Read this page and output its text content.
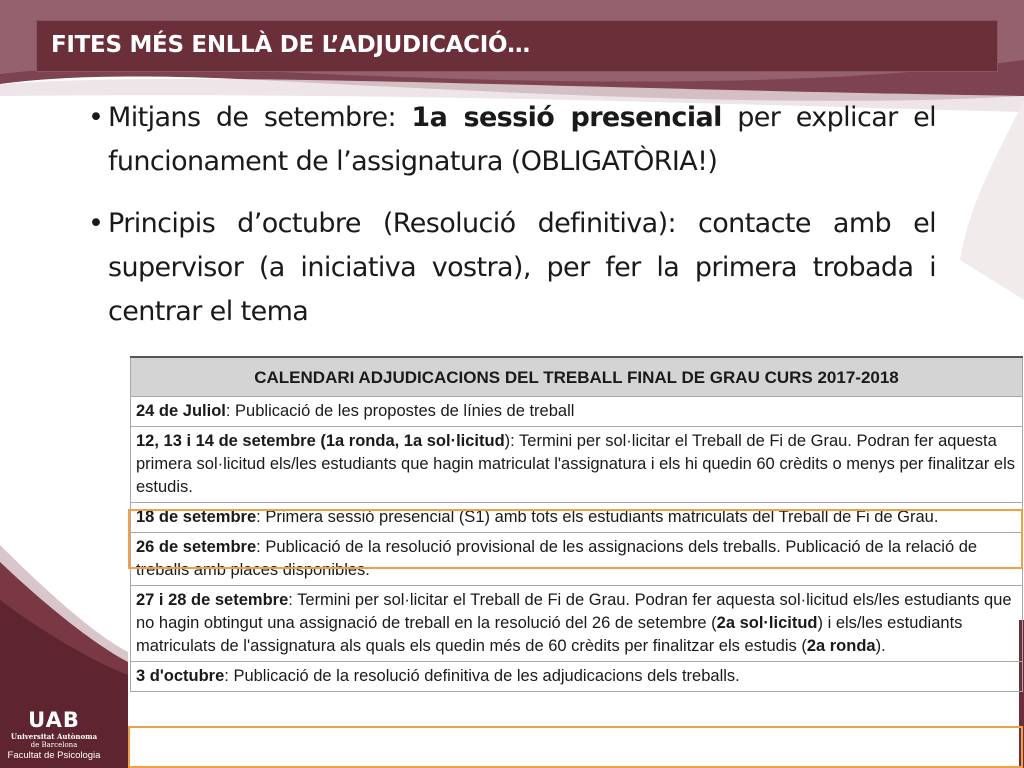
FITES MÉS ENLLÀ DE L’ADJUDICACIÓ…
• Mitjans de setembre: 1a sessió presencial per explicar el funcionament de l’assignatura (OBLIGATÒRIA!)
• Principis d’octubre (Resolució definitiva): contacte amb el supervisor (a iniciativa vostra), per fer la primera trobada i centrar el tema
CALENDARI ADJUDICACIONS DEL TREBALL FINAL DE GRAU CURS 2017-2018
24 de Juliol: Publicació de les propostes de línies de treball
12, 13 i 14 de setembre (1a ronda, 1a sol·licitud): Termini per sol·licitar el Treball de Fi de Grau. Podran fer aquesta primera sol·licitud els/les estudiants que hagin matriculat l'assignatura i els hi quedin 60 crèdits o menys per finalitzar els estudis.
18 de setembre: Primera sessió presencial (S1) amb tots els estudiants matriculats del Treball de Fi de Grau.
26 de setembre: Publicació de la resolució provisional de les assignacions dels treballs. Publicació de la relació de treballs amb places disponibles.
27 i 28 de setembre: Termini per sol·licitar el Treball de Fi de Grau. Podran fer aquesta sol·licitud els/les estudiants que no hagin obtingut una assignació de treball en la resolució del 26 de setembre (2a sol·licitud) i els/les estudiants matriculats de l'assignatura als quals els quedin més de 60 crèdits per finalitzar els estudis (2a ronda).
3 d'octubre: Publicació de la resolució definitiva de les adjudicacions dels treballs.
UAB
Universitat Autònoma
de Barcelona
Facultat de Psicologia
